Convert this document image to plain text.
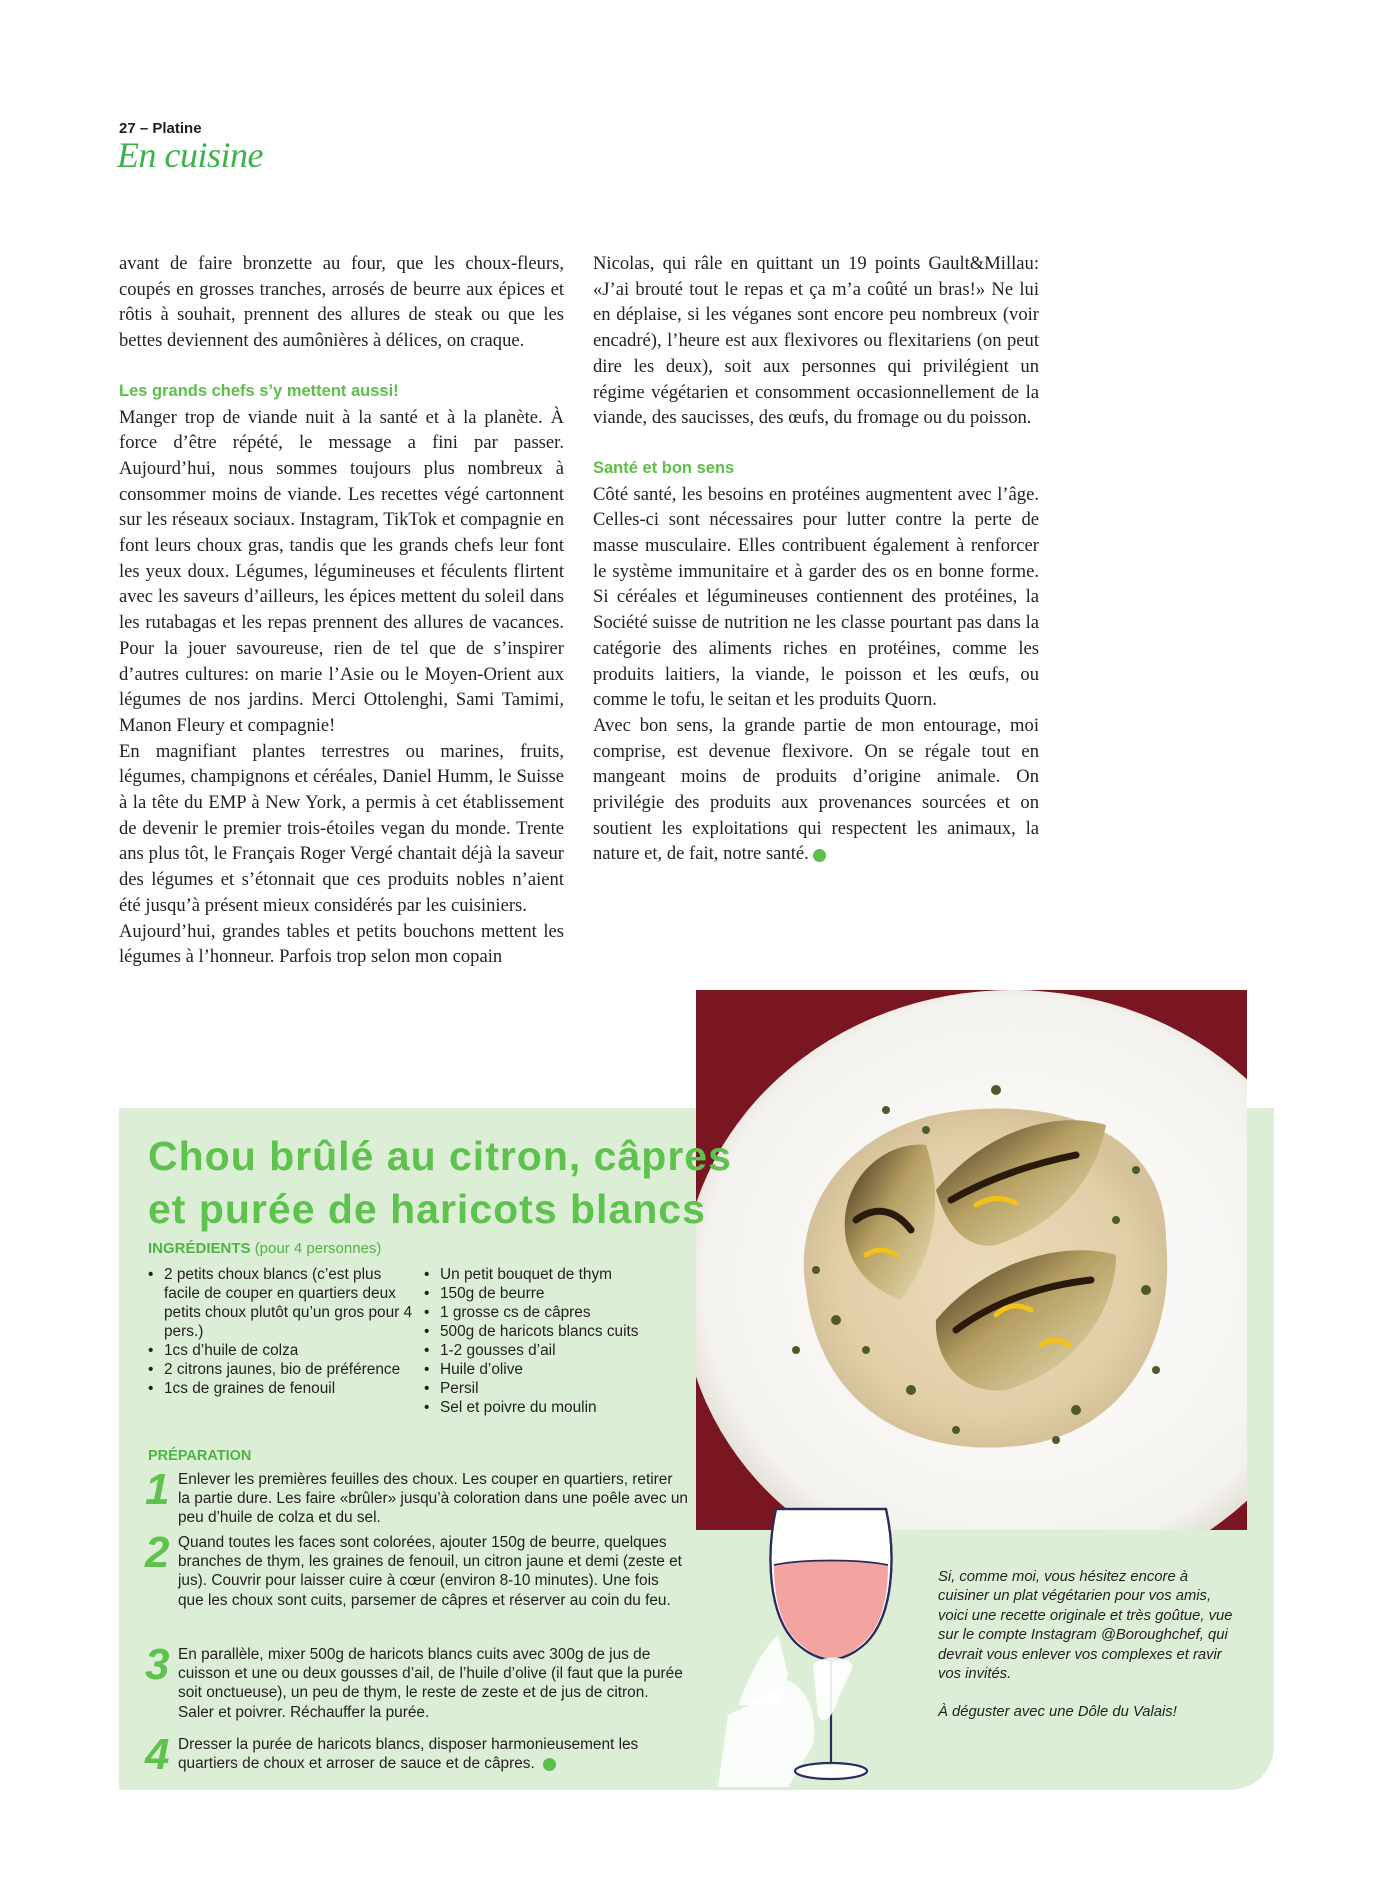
27 – Platine
En cuisine

avant de faire bronzette au four, que les choux-fleurs, coupés en grosses tranches, arrosés de beurre aux épices et rôtis à souhait, prennent des allures de steak ou que les bettes deviennent des aumônières à délices, on craque.

Les grands chefs s’y mettent aussi!

Manger trop de viande nuit à la santé et à la planète. À force d’être répété, le message a fini par passer. Aujourd’hui, nous sommes toujours plus nombreux à consommer moins de viande. Les recettes végé cartonnent sur les réseaux sociaux. Instagram, TikTok et compagnie en font leurs choux gras, tandis que les grands chefs leur font les yeux doux. Légumes, légumineuses et féculents flirtent avec les saveurs d’ailleurs, les épices mettent du soleil dans les rutabagas et les repas prennent des allures de vacances. Pour la jouer savoureuse, rien de tel que de s’inspirer d’autres cultures: on marie l’Asie ou le Moyen-Orient aux légumes de nos jardins. Merci Ottolenghi, Sami Tamimi, Manon Fleury et compagnie!

En magnifiant plantes terrestres ou marines, fruits, légumes, champignons et céréales, Daniel Humm, le Suisse à la tête du EMP à New York, a permis à cet établissement de devenir le premier trois-étoiles vegan du monde. Trente ans plus tôt, le Français Roger Vergé chantait déjà la saveur des légumes et s’étonnait que ces produits nobles n’aient été jusqu’à présent mieux considérés par les cuisiniers.

Aujourd’hui, grandes tables et petits bouchons mettent les légumes à l’honneur. Parfois trop selon mon copain

Nicolas, qui râle en quittant un 19 points Gault&Millau: «J’ai brouté tout le repas et ça m’a coûté un bras!» Ne lui en déplaise, si les véganes sont encore peu nombreux (voir encadré), l’heure est aux flexivores ou flexitariens (on peut dire les deux), soit aux personnes qui privilégient un régime végétarien et consomment occasionnellement de la viande, des saucisses, des œufs, du fromage ou du poisson.

Santé et bon sens

Côté santé, les besoins en protéines augmentent avec l’âge. Celles-ci sont nécessaires pour lutter contre la perte de masse musculaire. Elles contribuent également à renforcer le système immunitaire et à garder des os en bonne forme. Si céréales et légumineuses contiennent des protéines, la Société suisse de nutrition ne les classe pourtant pas dans la catégorie des aliments riches en protéines, comme les produits laitiers, la viande, le poisson et les œufs, ou comme le tofu, le seitan et les produits Quorn.

Avec bon sens, la grande partie de mon entourage, moi comprise, est devenue flexivore. On se régale tout en mangeant moins de produits d’origine animale. On privilégie des produits aux provenances sourcées et on soutient les exploitations qui respectent les animaux, la nature et, de fait, notre santé.

Chou brûlé au citron, câpres
et purée de haricots blancs
INGRÉDIENTS (pour 4 personnes)
• 2 petits choux blancs (c’est plus facile de couper en quartiers deux petits choux plutôt qu’un gros pour 4 pers.)
• 1cs d’huile de colza
• 2 citrons jaunes, bio de préférence
• 1cs de graines de fenouil
• Un petit bouquet de thym
• 150g de beurre
• 1 grosse cs de câpres
• 500g de haricots blancs cuits
• 1-2 gousses d’ail
• Huile d’olive
• Persil
• Sel et poivre du moulin
PRÉPARATION
1 Enlever les premières feuilles des choux. Les couper en quartiers, retirer la partie dure. Les faire «brûler» jusqu’à coloration dans une poêle avec un peu d’huile de colza et du sel.
2 Quand toutes les faces sont colorées, ajouter 150g de beurre, quelques branches de thym, les graines de fenouil, un citron jaune et demi (zeste et jus). Couvrir pour laisser cuire à cœur (environ 8-10 minutes). Une fois que les choux sont cuits, parsemer de câpres et réserver au coin du feu.
3 En parallèle, mixer 500g de haricots blancs cuits avec 300g de jus de cuisson et une ou deux gousses d’ail, de l’huile d’olive (il faut que la purée soit onctueuse), un peu de thym, le reste de zeste et de jus de citron. Saler et poivrer. Réchauffer la purée.
4 Dresser la purée de haricots blancs, disposer harmonieusement les quartiers de choux et arroser de sauce et de câpres.

Si, comme moi, vous hésitez encore à cuisiner un plat végétarien pour vos amis, voici une recette originale et très goûtue, vue sur le compte Instagram @Boroughchef, qui devrait vous enlever vos complexes et ravir vos invités.

À déguster avec une Dôle du Valais!
